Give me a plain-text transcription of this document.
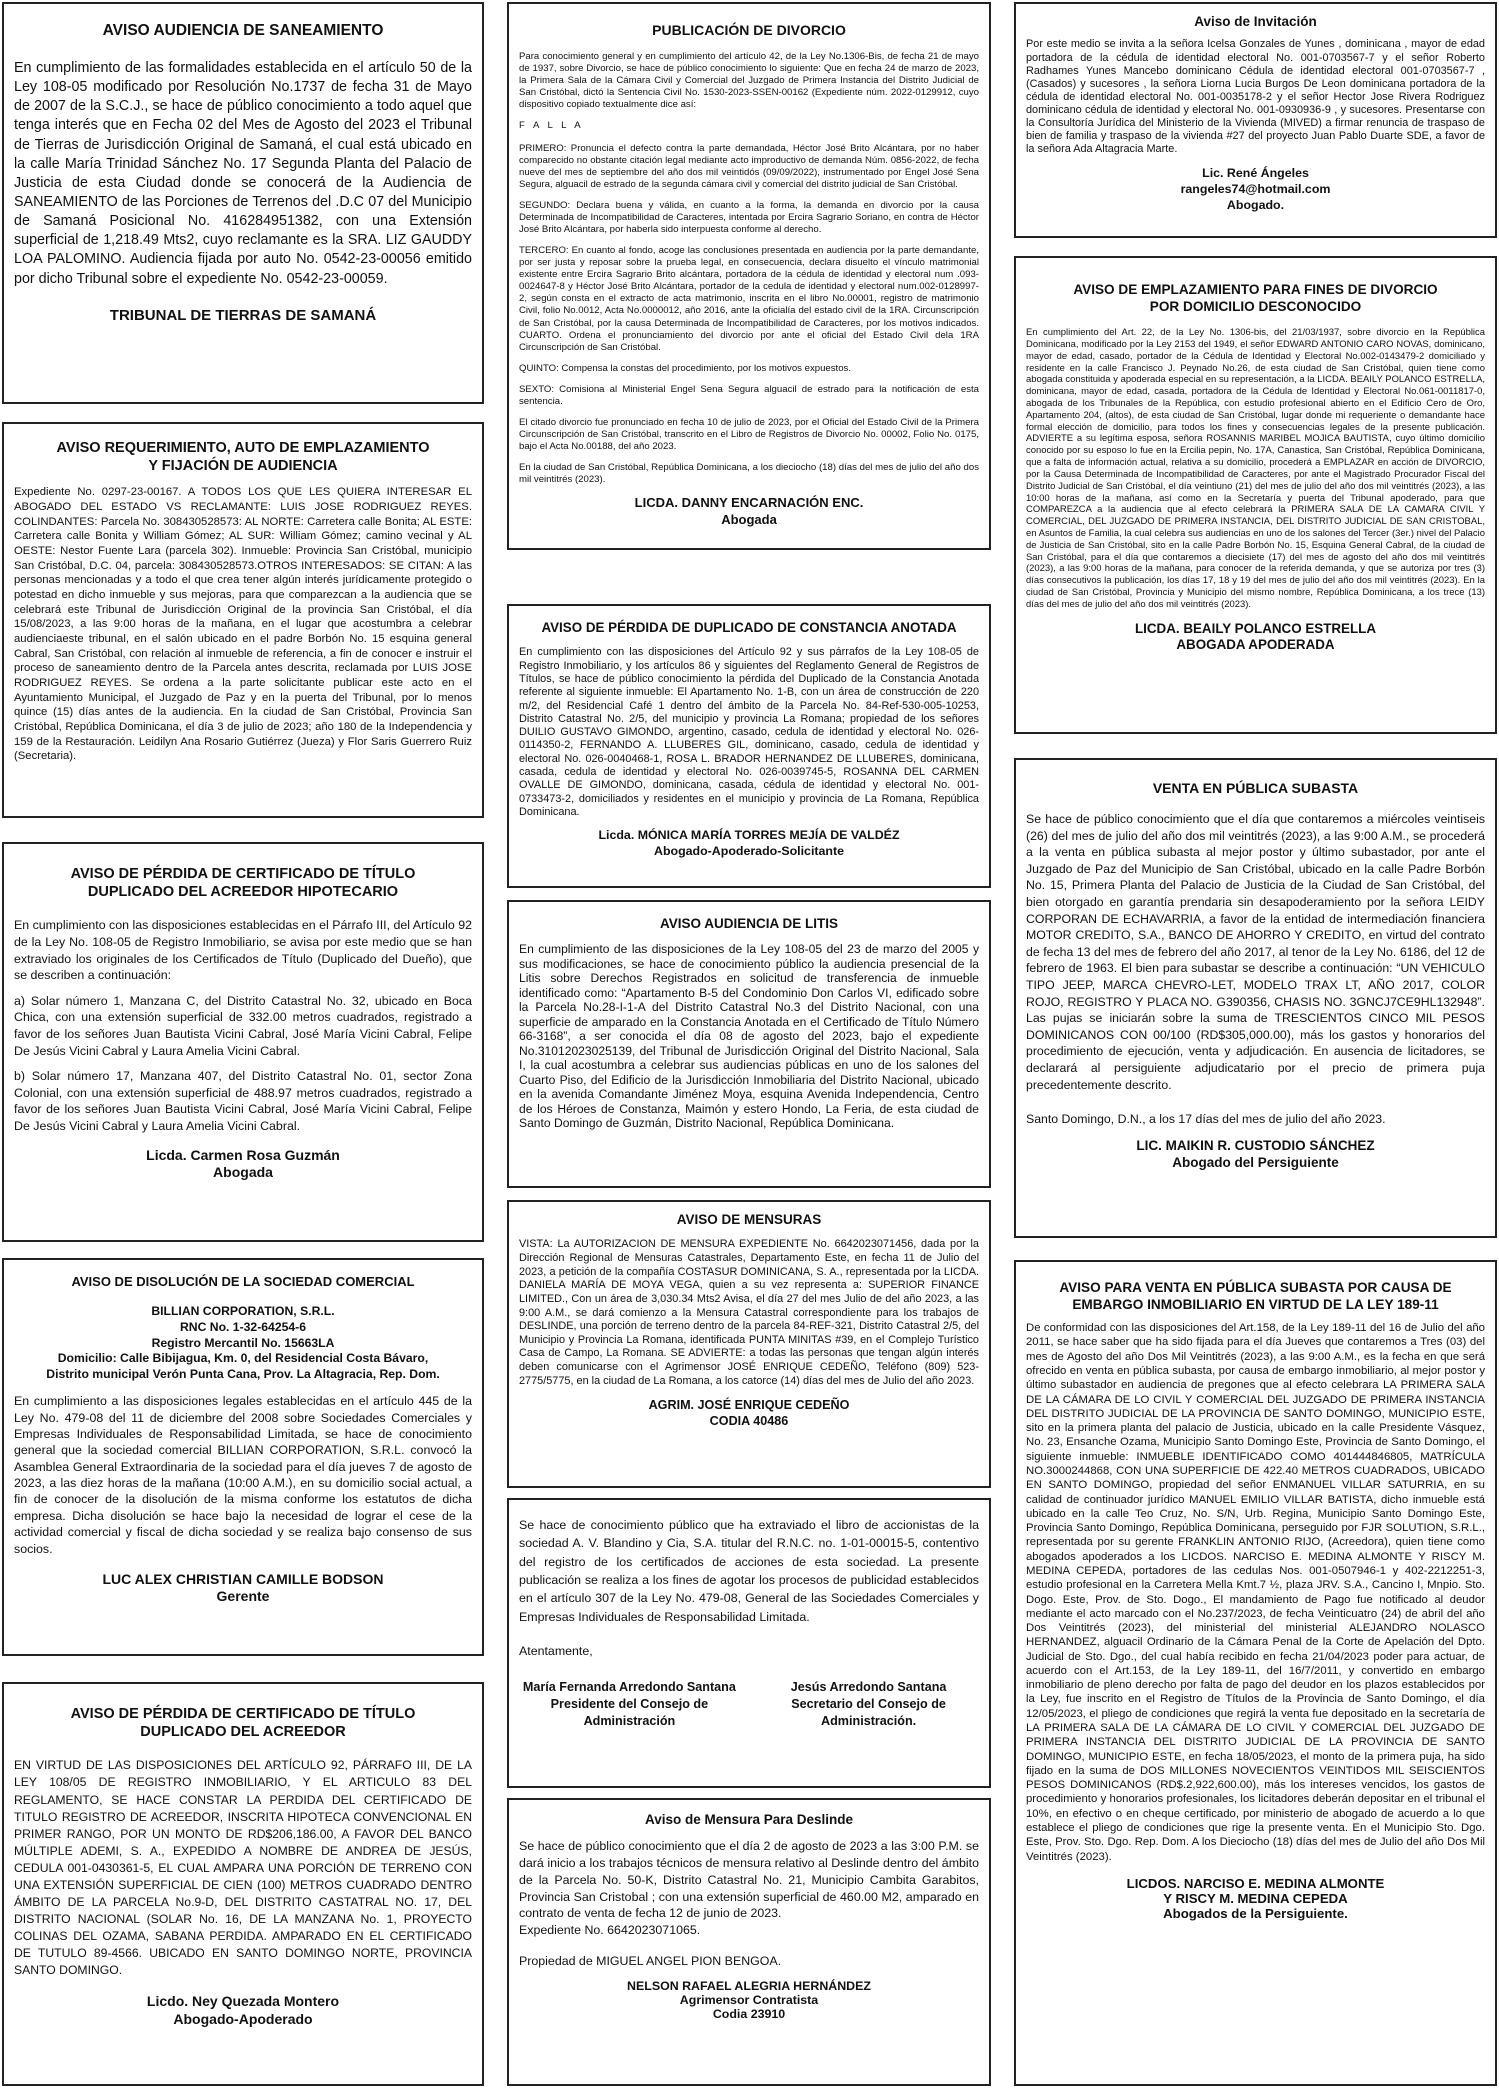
AVISO AUDIENCIA DE SANEAMIENTO

En cumplimiento de las formalidades establecida en el artículo 50 de la Ley 108-05 modificado por Resolución No.1737 de fecha 31 de Mayo de 2007 de la S.C.J., se hace de público conocimiento a todo aquel que tenga interés que en Fecha 02 del Mes de Agosto del 2023 el Tribunal de Tierras de Jurisdicción Original de Samaná, el cual está ubicado en la calle María Trinidad Sánchez No. 17 Segunda Planta del Palacio de Justicia de esta Ciudad donde se conocerá de la Audiencia de SANEAMIENTO de las Porciones de Terrenos del .D.C 07 del Municipio de Samaná Posicional No. 416284951382, con una Extensión superficial de 1,218.49 Mts2, cuyo reclamante es la SRA. LIZ GAUDDY LOA PALOMINO. Audiencia fijada por auto No. 0542-23-00056 emitido por dicho Tribunal sobre el expediente No. 0542-23-00059.

TRIBUNAL DE TIERRAS DE SAMANÁ
AVISO REQUERIMIENTO, AUTO DE EMPLAZAMIENTO
Y FIJACIÓN DE AUDIENCIA

Expediente No. 0297-23-00167. A TODOS LOS QUE LES QUIERA INTERESAR EL ABOGADO DEL ESTADO VS RECLAMANTE: LUIS JOSE RODRIGUEZ REYES. COLINDANTES: Parcela No. 308430528573: AL NORTE: Carretera calle Bonita; AL ESTE: Carretera calle Bonita y William Gómez; AL SUR: William Gómez; camino vecinal y AL OESTE: Nestor Fuente Lara (parcela 302). Inmueble: Provincia San Cristóbal, municipio San Cristóbal, D.C. 04, parcela: 308430528573.OTROS INTERESADOS: SE CITAN: A las personas mencionadas y a todo el que crea tener algún interés jurídicamente protegido o potestad en dicho inmueble y sus mejoras, para que comparezcan a la audiencia que se celebrará este Tribunal de Jurisdicción Original de la provincia San Cristóbal, el día 15/08/2023, a las 9:00 horas de la mañana, en el lugar que acostumbra a celebrar audienciaeste tribunal, en el salón ubicado en el padre Borbón No. 15 esquina general Cabral, San Cristóbal, con relación al inmueble de referencia, a fin de conocer e instruir el proceso de saneamiento dentro de la Parcela antes descrita, reclamada por LUIS JOSE RODRIGUEZ REYES. Se ordena a la parte solicitante publicar este acto en el Ayuntamiento Municipal, el Juzgado de Paz y en la puerta del Tribunal, por lo menos quince (15) días antes de la audiencia. En la ciudad de San Cristóbal, Provincia San Cristóbal, República Dominicana, el día 3 de julio de 2023; año 180 de la Independencia y 159 de la Restauración. Leidilyn Ana Rosario Gutiérrez (Jueza) y Flor Saris Guerrero Ruiz (Secretaria).

AVISO DE PÉRDIDA DE CERTIFICADO DE TÍTULO
DUPLICADO DEL ACREEDOR HIPOTECARIO

En cumplimiento con las disposiciones establecidas en el Párrafo III, del Artículo 92 de la Ley No. 108-05 de Registro Inmobiliario, se avisa por este medio que se han extraviado los originales de los Certificados de Título (Duplicado del Dueño), que se describen a continuación:

a) Solar número 1, Manzana C, del Distrito Catastral No. 32, ubicado en Boca Chica, con una extensión superficial de 332.00 metros cuadrados, registrado a favor de los señores Juan Bautista Vicini Cabral, José María Vicini Cabral, Felipe De Jesús Vicini Cabral y Laura Amelia Vicini Cabral.

b) Solar número 17, Manzana 407, del Distrito Catastral No. 01, sector Zona Colonial, con una extensión superficial de 488.97 metros cuadrados, registrado a favor de los señores Juan Bautista Vicini Cabral, José María Vicini Cabral, Felipe De Jesús Vicini Cabral y Laura Amelia Vicini Cabral.

Licda. Carmen Rosa Guzmán
Abogada
AVISO DE DISOLUCIÓN DE LA SOCIEDAD COMERCIAL
BILLIAN CORPORATION, S.R.L.
RNC No. 1-32-64254-6
Registro Mercantil No. 15663LA
Domicilio: Calle Bibijagua, Km. 0, del Residencial Costa Bávaro,
Distrito municipal Verón Punta Cana, Prov. La Altagracia, Rep. Dom.

En cumplimiento a las disposiciones legales establecidas en el artículo 445 de la Ley No. 479-08 del 11 de diciembre del 2008 sobre Sociedades Comerciales y Empresas Individuales de Responsabilidad Limitada, se hace de conocimiento general que la sociedad comercial BILLIAN CORPORATION, S.R.L. convocó la Asamblea General Extraordinaria de la sociedad para el día jueves 7 de agosto de 2023, a las diez horas de la mañana (10:00 A.M.), en su domicilio social actual, a fin de conocer de la disolución de la misma conforme los estatutos de dicha empresa. Dicha disolución se hace bajo la necesidad de lograr el cese de la actividad comercial y fiscal de dicha sociedad y se realiza bajo consenso de sus socios.

LUC ALEX CHRISTIAN CAMILLE BODSON
Gerente
AVISO DE PÉRDIDA DE CERTIFICADO DE TÍTULO
DUPLICADO DEL ACREEDOR

EN VIRTUD DE LAS DISPOSICIONES DEL ARTÍCULO 92, PÁRRAFO III, DE LA LEY 108/05 DE REGISTRO INMOBILIARIO, Y EL ARTICULO 83 DEL REGLAMENTO, SE HACE CONSTAR LA PERDIDA DEL CERTIFICADO DE TITULO REGISTRO DE ACREEDOR, INSCRITA HIPOTECA CONVENCIONAL EN PRIMER RANGO, POR UN MONTO DE RD$206,186.00, A FAVOR DEL BANCO MÚLTIPLE ADEMI, S. A., EXPEDIDO A NOMBRE DE ANDREA DE JESÚS, CEDULA 001-0430361-5, EL CUAL AMPARA UNA PORCIÓN DE TERRENO CON UNA EXTENSIÓN SUPERFICIAL DE CIEN (100) METROS CUADRADO DENTRO ÁMBITO DE LA PARCELA No.9-D, DEL DISTRITO CASTATRAL NO. 17, DEL DISTRITO NACIONAL (SOLAR No. 16, DE LA MANZANA No. 1, PROYECTO COLINAS DEL OZAMA, SABANA PERDIDA. AMPARADO EN EL CERTIFICADO DE TUTULO 89-4566. UBICADO EN SANTO DOMINGO NORTE, PROVINCIA SANTO DOMINGO.

Licdo. Ney Quezada Montero
Abogado-Apoderado
PUBLICACIÓN DE DIVORCIO

Para conocimiento general y en cumplimiento del artículo 42, de la Ley No.1306-Bis, de fecha 21 de mayo de 1937, sobre Divorcio, se hace de público conocimiento lo siguiente: Que en fecha 24 de marzo de 2023, la Primera Sala de la Cámara Civil y Comercial del Juzgado de Primera Instancia del Distrito Judicial de San Cristóbal, dictó la Sentencia Civil No. 1530-2023-SSEN-00162 (Expediente núm. 2022-0129912, cuyo dispositivo copiado textualmente dice así:

F A L L A

PRIMERO: Pronuncia el defecto contra la parte demandada, Héctor José Brito Alcántara, por no haber comparecido no obstante citación legal mediante acto improductivo de demanda Núm. 0856-2022, de fecha nueve del mes de septiembre del año dos mil veintidós (09/09/2022), instrumentado por Engel José Sena Segura, alguacil de estrado de la segunda cámara civil y comercial del distrito judicial de San Cristóbal.

SEGUNDO: Declara buena y válida, en cuanto a la forma, la demanda en divorcio por la causa Determinada de Incompatibilidad de Caracteres, intentada por Ercira Sagrario Soriano, en contra de Héctor José Brito Alcántara, por haberla sido interpuesta conforme al derecho.

TERCERO: En cuanto al fondo, acoge las conclusiones presentada en audiencia por la parte demandante, por ser justa y reposar sobre la prueba legal, en consecuencia, declara disuelto el vínculo matrimonial existente entre Ercira Sagrario Brito alcántara, portadora de la cédula de identidad y electoral num .093-0024647-8 y Héctor José Brito Alcántara, portador de la cedula de identidad y electoral num.002-0128997-2, según consta en el extracto de acta matrimonio, inscrita en el libro No.00001, registro de matrimonio Civil, folio No.0012, Acta No.0000012, año 2016, ante la oficialía del estado civil de la 1RA. Circunscripción de San Cristóbal, por la causa Determinada de Incompatibilidad de Caracteres, por los motivos indicados. CUARTO. Ordena el pronunciamiento del divorcio por ante el oficial del Estado Civil dela 1RA Circunscripción de San Cristóbal.

QUINTO: Compensa la constas del procedimiento, por los motivos expuestos.

SEXTO: Comisiona al Ministerial Engel Sena Segura alguacil de estrado para la notificación de esta sentencia.

El citado divorcio fue pronunciado en fecha 10 de julio de 2023, por el Oficial del Estado Civil de la Primera Circunscripción de San Cristóbal, transcrito en el Libro de Registros de Divorcio No. 00002, Folio No. 0175, bajo el Acta No.00188, del año 2023.

En la ciudad de San Cristóbal, República Dominicana, a los dieciocho (18) días del mes de julio del año dos mil veintitrés (2023).

LICDA. DANNY ENCARNACIÓN ENC.
Abogada
AVISO DE PÉRDIDA DE DUPLICADO DE CONSTANCIA ANOTADA

En cumplimiento con las disposiciones del Artículo 92 y sus párrafos de la Ley 108-05 de Registro Inmobiliario, y los artículos 86 y siguientes del Reglamento General de Registros de Títulos, se hace de público conocimiento la pérdida del Duplicado de la Constancia Anotada referente al siguiente inmueble: El Apartamento No. 1-B, con un área de construcción de 220 m/2, del Residencial Café 1 dentro del ámbito de la Parcela No. 84-Ref-530-005-10253, Distrito Catastral No. 2/5, del municipio y provincia La Romana; propiedad de los señores DUILIO GUSTAVO GIMONDO, argentino, casado, cedula de identidad y electoral No. 026-0114350-2, FERNANDO A. LLUBERES GIL, dominicano, casado, cedula de identidad y electoral No. 026-0040468-1, ROSA L. BRADOR HERNANDEZ DE LLUBERES, dominicana, casada, cedula de identidad y electoral No. 026-0039745-5, ROSANNA DEL CARMEN OVALLE DE GIMONDO, dominicana, casada, cédula de identidad y electoral No. 001-0733473-2, domiciliados y residentes en el municipio y provincia de La Romana, República Dominicana.

Licda. MÓNICA MARÍA TORRES MEJÍA DE VALDÉZ
Abogado-Apoderado-Solicitante
AVISO AUDIENCIA DE LITIS

En cumplimiento de las disposiciones de la Ley 108-05 del 23 de marzo del 2005 y sus modificaciones, se hace de conocimiento público la audiencia presencial de la Litis sobre Derechos Registrados en solicitud de transferencia de inmueble identificado como: “Apartamento B-5 del Condominio Don Carlos VI, edificado sobre la Parcela No.28-I-1-A del Distrito Catastral No.3 del Distrito Nacional, con una superficie de amparado en la Constancia Anotada en el Certificado de Título Número 66-3168”, a ser conocida el día 08 de agosto del 2023, bajo el expediente No.31012023025139, del Tribunal de Jurisdicción Original del Distrito Nacional, Sala I, la cual acostumbra a celebrar sus audiencias públicas en uno de los salones del Cuarto Piso, del Edificio de la Jurisdicción Inmobiliaria del Distrito Nacional, ubicado en la avenida Comandante Jiménez Moya, esquina Avenida Independencia, Centro de los Héroes de Constanza, Maimón y estero Hondo, La Feria, de esta ciudad de Santo Domingo de Guzmán, Distrito Nacional, República Dominicana.

AVISO DE MENSURAS

VISTA: La AUTORIZACION DE MENSURA EXPEDIENTE No. 6642023071456, dada por la Dirección Regional de Mensuras Catastrales, Departamento Este, en fecha 11 de Julio del 2023, a petición de la compañía COSTASUR DOMINICANA, S. A., representada por la LICDA. DANIELA MARÍA DE MOYA VEGA, quien a su vez representa a: SUPERIOR FINANCE LIMITED., Con un área de 3,030.34 Mts2 Avisa, el día 27 del mes Julio de del año 2023, a las 9:00 A.M., se dará comienzo a la Mensura Catastral correspondiente para los trabajos de DESLINDE, una porción de terreno dentro de la parcela 84-REF-321, Distrito Catastral 2/5, del Municipio y Provincia La Romana, identificada PUNTA MINITAS #39, en el Complejo Turístico Casa de Campo, La Romana. SE ADVIERTE: a todas las personas que tengan algún interés deben comunicarse con el Agrimensor JOSÉ ENRIQUE CEDEÑO, Teléfono (809) 523-2775/5775, en la ciudad de La Romana, a los catorce (14) días del mes de Julio del año 2023.

AGRIM. JOSÉ ENRIQUE CEDEÑO
CODIA 40486

Se hace de conocimiento público que ha extraviado el libro de accionistas de la sociedad A. V. Blandino y Cia, S.A. titular del R.N.C. no. 1-01-00015-5, contentivo del registro de los certificados de acciones de esta sociedad. La presente publicación se realiza a los fines de agotar los procesos de publicidad establecidos en el artículo 307 de la Ley No. 479-08, General de las Sociedades Comerciales y Empresas Individuales de Responsabilidad Limitada.

Atentamente,

María Fernanda Arredondo Santana
Presidente del Consejo de
Administración
Jesús Arredondo Santana
Secretario del Consejo de
Administración.
Aviso de Mensura Para Deslinde

Se hace de público conocimiento que el día 2 de agosto de 2023 a las 3:00 P.M. se dará inicio a los trabajos técnicos de mensura relativo al Deslinde dentro del ámbito de la Parcela No. 50-K, Distrito Catastral No. 21, Municipio Cambita Garabitos, Provincia San Cristobal ; con una extensión superficial de 460.00 M2, amparado en contrato de venta de fecha 12 de junio de 2023.

Expediente No. 6642023071065.

Propiedad de MIGUEL ANGEL PION BENGOA.

NELSON RAFAEL ALEGRIA HERNÁNDEZ
Agrimensor Contratista
Codia 23910
Aviso de Invitación

Por este medio se invita a la señora Icelsa Gonzales de Yunes , dominicana , mayor de edad portadora de la cédula de identidad electoral No. 001-0703567-7 y el señor Roberto Radhames Yunes Mancebo dominicano Cédula de identidad electoral 001-0703567-7 , (Casados) y sucesores , la señora Liorna Lucia Burgos De Leon dominicana portadora de la cédula de identidad electoral No. 001-0035178-2 y el señor Hector Jose Rivera Rodriguez dominicano cédula de identidad y electoral No. 001-0930936-9 , y sucesores. Presentarse con la Consultoría Jurídica del Ministerio de la Vivienda (MIVED) a firmar renuncia de traspaso de bien de familia y traspaso de la vivienda #27 del proyecto Juan Pablo Duarte SDE, a favor de la señora Ada Altagracia Marte.

Lic. René Ángeles
rangeles74@hotmail.com
Abogado.
AVISO DE EMPLAZAMIENTO PARA FINES DE DIVORCIO
POR DOMICILIO DESCONOCIDO

En cumplimiento del Art. 22, de la Ley No. 1306-bis, del 21/03/1937, sobre divorcio en la República Dominicana, modificado por la Ley 2153 del 1949, el señor EDWARD ANTONIO CARO NOVAS, dominicano, mayor de edad, casado, portador de la Cédula de Identidad y Electoral No.002-0143479-2 domiciliado y residente en la calle Francisco J. Peynado No.26, de esta ciudad de San Cristóbal, quien tiene como abogada constituida y apoderada especial en su representación, a la LICDA. BEAILY POLANCO ESTRELLA, dominicana, mayor de edad, casada, portadora de la Cédula de Identidad y Electoral No.061-0011817-0, abogada de los Tribunales de la República, con estudio profesional abierto en el Edificio Cero de Oro, Apartamento 204, (altos), de esta ciudad de San Cristóbal, lugar donde mi requeriente o demandante hace formal elección de domicilio, para todos los fines y consecuencias legales de la presente publicación. ADVIERTE a su legítima esposa, señora ROSANNIS MARIBEL MOJICA BAUTISTA, cuyo último domicilio conocido por su esposo lo fue en la Ercilia pepin, No. 17A, Canastica, San Cristóbal, República Dominicana, que a falta de información actual, relativa a su domicilio, procederá a EMPLAZAR en acción de DIVORCIO, por la Causa Determinada de Incompatibilidad de Caracteres, por ante el Magistrado Procurador Fiscal del Distrito Judicial de San Cristóbal, el día veintiuno (21) del mes de julio del año dos mil veintitrés (2023), a las 10:00 horas de la mañana, así como en la Secretaría y puerta del Tribunal apoderado, para que COMPAREZCA a la audiencia que al efecto celebrará la PRIMERA SALA DE LA CAMARA CIVIL Y COMERCIAL, DEL JUZGADO DE PRIMERA INSTANCIA, DEL DISTRITO JUDICIAL DE SAN CRISTOBAL, en Asuntos de Familia, la cual celebra sus audiencias en uno de los salones del Tercer (3er.) nivel del Palacio de Justicia de San Cristóbal, sito en la calle Padre Borbón No. 15, Esquina General Cabral, de la ciudad de San Cristóbal, para el día que contaremos a diecisiete (17) del mes de agosto del año dos mil veintitrés (2023), a las 9:00 horas de la mañana, para conocer de la referida demanda, y que se autoriza por tres (3) días consecutivos la publicación, los días 17, 18 y 19 del mes de julio del año dos mil veintitrés (2023). En la ciudad de San Cristóbal, Provincia y Municipio del mismo nombre, República Dominicana, a los trece (13) días del mes de julio del año dos mil veintitrés (2023).

LICDA. BEAILY POLANCO ESTRELLA
ABOGADA APODERADA
VENTA EN PÚBLICA SUBASTA

Se hace de público conocimiento que el día que contaremos a miércoles veintiseis (26) del mes de julio del año dos mil veintitrés (2023), a las 9:00 A.M., se procederá a la venta en pública subasta al mejor postor y último subastador, por ante el Juzgado de Paz del Municipio de San Cristóbal, ubicado en la calle Padre Borbón No. 15, Primera Planta del Palacio de Justicia de la Ciudad de San Cristóbal, del bien otorgado en garantía prendaria sin desapoderamiento por la señora LEIDY CORPORAN DE ECHAVARRIA, a favor de la entidad de intermediación financiera MOTOR CREDITO, S.A., BANCO DE AHORRO Y CREDITO, en virtud del contrato de fecha 13 del mes de febrero del año 2017, al tenor de la Ley No. 6186, del 12 de febrero de 1963. El bien para subastar se describe a continuación: “UN VEHICULO TIPO JEEP, MARCA CHEVRO-LET, MODELO TRAX LT, AÑO 2017, COLOR ROJO, REGISTRO Y PLACA NO. G390356, CHASIS NO. 3GNCJ7CE9HL132948”. Las pujas se iniciarán sobre la suma de TRESCIENTOS CINCO MIL PESOS DOMINICANOS CON 00/100 (RD$305,000.00), más los gastos y honorarios del procedimiento de ejecución, venta y adjudicación. En ausencia de licitadores, se declarará al persiguiente adjudicatario por el precio de primera puja precedentemente descrito.

Santo Domingo, D.N., a los 17 días del mes de julio del año 2023.

LIC. MAIKIN R. CUSTODIO SÁNCHEZ
Abogado del Persiguiente
AVISO PARA VENTA EN PÚBLICA SUBASTA POR CAUSA DE
EMBARGO INMOBILIARIO EN VIRTUD DE LA LEY 189-11

De conformidad con las disposiciones del Art.158, de la Ley 189-11 del 16 de Julio del año 2011, se hace saber que ha sido fijada para el día Jueves que contaremos a Tres (03) del mes de Agosto del año Dos Mil Veintitrés (2023), a las 9:00 A.M., es la fecha en que será ofrecido en venta en pública subasta, por causa de embargo inmobiliario, al mejor postor y último subastador en audiencia de pregones que al efecto celebrara LA PRIMERA SALA DE LA CÁMARA DE LO CIVIL Y COMERCIAL DEL JUZGADO DE PRIMERA INSTANCIA DEL DISTRITO JUDICIAL DE LA PROVINCIA DE SANTO DOMINGO, MUNICIPIO ESTE, sito en la primera planta del palacio de Justicia, ubicado en la calle Presidente Vásquez, No. 23, Ensanche Ozama, Municipio Santo Domingo Este, Provincia de Santo Domingo, el siguiente inmueble: INMUEBLE IDENTIFICADO COMO 401444846805, MATRÍCULA NO.3000244868, CON UNA SUPERFICIE DE 422.40 METROS CUADRADOS, UBICADO EN SANTO DOMINGO, propiedad del señor ENMANUEL VILLAR SATURRIA, en su calidad de continuador jurídico MANUEL EMILIO VILLAR BATISTA, dicho inmueble está ubicado en la calle Teo Cruz, No. S/N, Urb. Regina, Municipio Santo Domingo Este, Provincia Santo Domingo, República Dominicana, perseguido por FJR SOLUTION, S.R.L., representada por su gerente FRANKLIN ANTONIO RIJO, (Acreedora), quien tiene como abogados apoderados a los LICDOS. NARCISO E. MEDINA ALMONTE Y RISCY M. MEDINA CEPEDA, portadores de las cedulas Nos. 001-0507946-1 y 402-2212251-3, estudio profesional en la Carretera Mella Kmt.7 ½, plaza JRV. S.A., Cancino I, Mnpio. Sto. Dogo. Este, Prov. de Sto. Dogo., El mandamiento de Pago fue notificado al deudor mediante el acto marcado con el No.237/2023, de fecha Veinticuatro (24) de abril del año Dos Veintitrés (2023), del ministerial del ministerial ALEJANDRO NOLASCO HERNANDEZ, alguacil Ordinario de la Cámara Penal de la Corte de Apelación del Dpto. Judicial de Sto. Dgo., del cual había recibido en fecha 21/04/2023 poder para actuar, de acuerdo con el Art.153, de la Ley 189-11, del 16/7/2011, y convertido en embargo inmobiliario de pleno derecho por falta de pago del deudor en los plazos establecidos por la Ley, fue inscrito en el Registro de Títulos de la Provincia de Santo Domingo, el día 12/05/2023, el pliego de condiciones que regirá la venta fue depositado en la secretaría de LA PRIMERA SALA DE LA CÁMARA DE LO CIVIL Y COMERCIAL DEL JUZGADO DE PRIMERA INSTANCIA DEL DISTRITO JUDICIAL DE LA PROVINCIA DE SANTO DOMINGO, MUNICIPIO ESTE, en fecha 18/05/2023, el monto de la primera puja, ha sido fijado en la suma de DOS MILLONES NOVECIENTOS VEINTIDOS MIL SEISCIENTOS PESOS DOMINICANOS (RD$.2,922,600.00), más los intereses vencidos, los gastos de procedimiento y honorarios profesionales, los licitadores deberán depositar en el tribunal el 10%, en efectivo o en cheque certificado, por ministerio de abogado de acuerdo a lo que establece el pliego de condiciones que rige la presente venta. En el Municipio Sto. Dgo. Este, Prov. Sto. Dgo. Rep. Dom. A los Dieciocho (18) días del mes de Julio del año Dos Mil Veintitrés (2023).

LICDOS. NARCISO E. MEDINA ALMONTE
Y RISCY M. MEDINA CEPEDA
Abogados de la Persiguiente.
